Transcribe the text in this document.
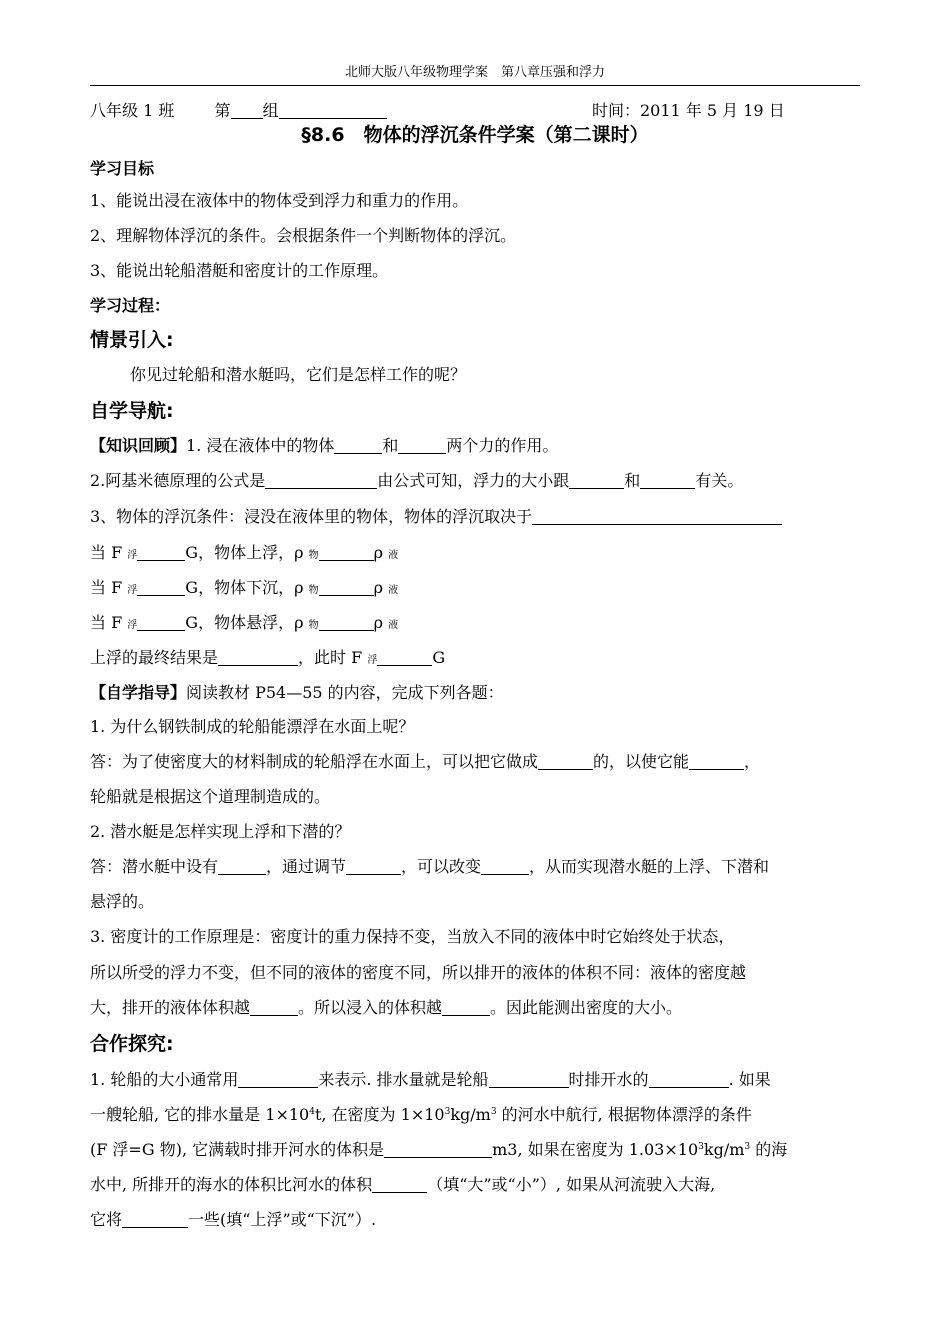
北师大版八年级物理学案　第八章压强和浮力
八年级 1 班	第 组	时间：2011 年 5 月 19 日
§8.6　物体的浮沉条件学案（第二课时）
学习目标
1、能说出浸在液体中的物体受到浮力和重力的作用。
2、理解物体浮沉的条件。会根据条件一个判断物体的浮沉。
3、能说出轮船潜艇和密度计的工作原理。
学习过程：
情景引入:
你见过轮船和潜水艇吗，它们是怎样工作的呢？
自学导航:
【知识回顾】1. 浸在液体中的物体	和	两个力的作用。
2.阿基米德原理的公式是	由公式可知，浮力的大小跟	和	有关。
3、物体的浮沉条件：浸没在液体里的物体，物体的浮沉取决于
当 F 浮	G，物体上浮，ρ 物	ρ 液
当 F 浮	G，物体下沉，ρ 物	ρ 液
当 F 浮	G，物体悬浮，ρ 物	ρ 液
上浮的最终结果是	，此时 F 浮	G
【自学指导】阅读教材 P54—55 的内容，完成下列各题：
1. 为什么钢铁制成的轮船能漂浮在水面上呢？
答：为了使密度大的材料制成的轮船浮在水面上，可以把它做成	的，以使它能	，
轮船就是根据这个道理制造成的。
2. 潜水艇是怎样实现上浮和下潜的？
答：潜水艇中设有	，通过调节	，可以改变	，从而实现潜水艇的上浮、下潜和
悬浮的。
3. 密度计的工作原理是：密度计的重力保持不变，当放入不同的液体中时它始终处于状态，
所以所受的浮力不变，但不同的液体的密度不同，所以排开的液体的体积不同：液体的密度越
大，排开的液体体积越	。所以浸入的体积越	。因此能测出密度的大小。
合作探究:
1. 轮船的大小通常用	来表示. 排水量就是轮船	时排开水的	. 如果
一艘轮船, 它的排水量是 $1\times 10^4t$, 在密度为 $1\times 10^3kg/m^3$ 的河水中航行, 根据物体漂浮的条件
(F 浮=G 物), 它满载时排开河水的体积是	m3, 如果在密度为 $1.03\times 10^3kg/m^3$ 的海
水中, 所排开的海水的体积比河水的体积	（填“大”或“小”）, 如果从河流驶入大海,
它将	一些(填“上浮”或“下沉”）.
